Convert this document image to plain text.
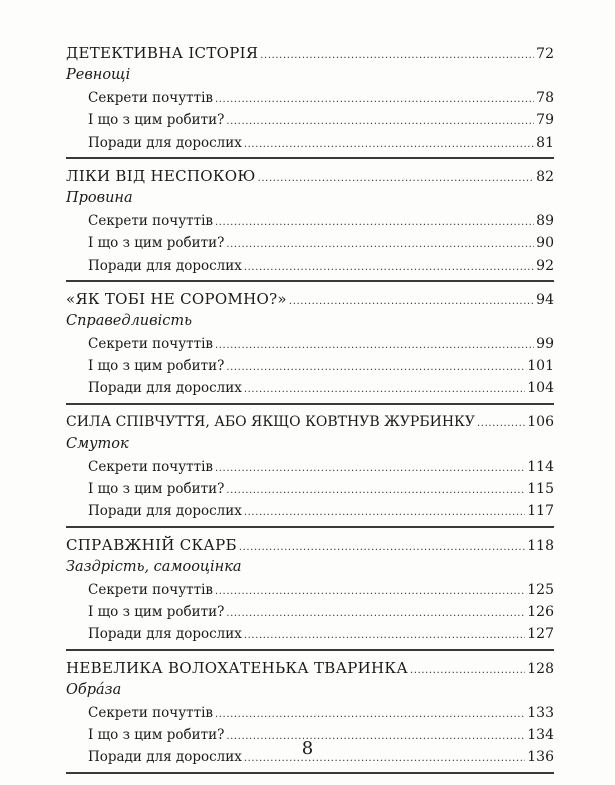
ДЕТЕКТИВНА ІСТОРІЯ .....	72
Ревнощі
Секрети почуттів .....	78
І що з цим робити? .....	79
Поради для дорослих .....	81
ЛІКИ ВІД НЕСПОКОЮ .....	82
Провина
Секрети почуттів .....	89
І що з цим робити? .....	90
Поради для дорослих .....	92
«ЯК ТОБІ НЕ СОРОМНО?» .....	94
Справедливість
Секрети почуттів .....	99
І що з цим робити? .....	101
Поради для дорослих .....	104
СИЛА СПІВЧУТТЯ, АБО ЯКЩО КОВТНУВ ЖУРБИНКУ .....	106
Смуток
Секрети почуттів .....	114
І що з цим робити? .....	115
Поради для дорослих .....	117
СПРАВЖНІЙ СКАРБ .....	118
Заздрість, самооцінка
Секрети почуттів .....	125
І що з цим робити? .....	126
Поради для дорослих .....	127
НЕВЕЛИКА ВОЛОХАТЕНЬКА ТВАРИНКА .....	128
Обрáза
Секрети почуттів .....	133
І що з цим робити? .....	134
Поради для дорослих .....	136
8
